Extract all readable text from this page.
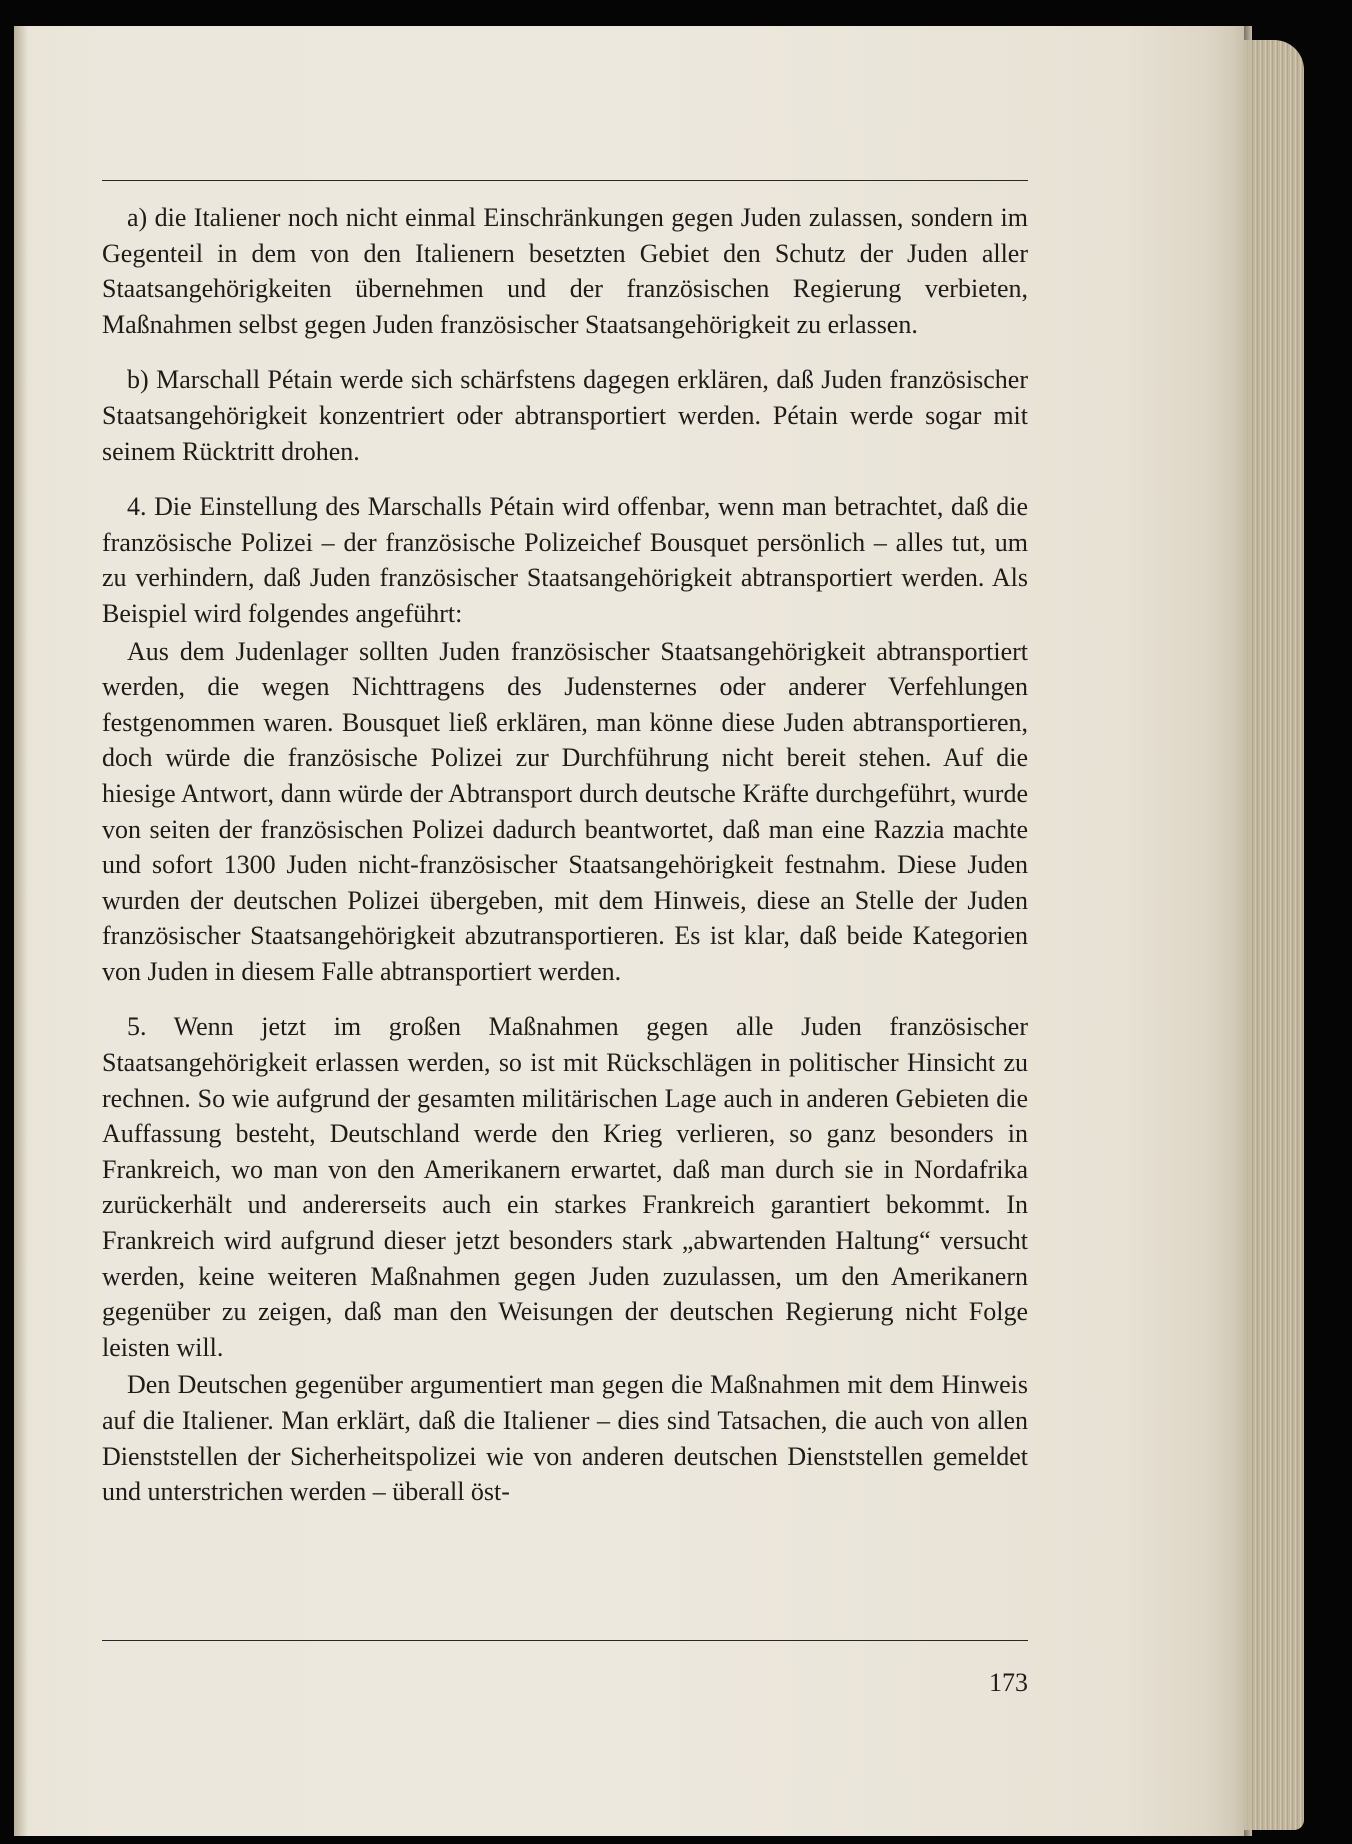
a) die Italiener noch nicht einmal Einschränkungen gegen Juden zulassen, sondern im Gegenteil in dem von den Italienern besetzten Gebiet den Schutz der Juden aller Staatsangehörigkeiten übernehmen und der französischen Regierung verbieten, Maßnahmen selbst gegen Juden französischer Staatsangehörigkeit zu erlassen.

b) Marschall Pétain werde sich schärfstens dagegen erklären, daß Juden französischer Staatsangehörigkeit konzentriert oder abtransportiert werden. Pétain werde sogar mit seinem Rücktritt drohen.

4. Die Einstellung des Marschalls Pétain wird offenbar, wenn man betrachtet, daß die französische Polizei – der französische Polizeichef Bousquet persönlich – alles tut, um zu verhindern, daß Juden französischer Staatsangehörigkeit abtransportiert werden. Als Beispiel wird folgendes angeführt:

Aus dem Judenlager sollten Juden französischer Staatsangehörigkeit abtransportiert werden, die wegen Nichttragens des Judensternes oder anderer Verfehlungen festgenommen waren. Bousquet ließ erklären, man könne diese Juden abtransportieren, doch würde die französische Polizei zur Durchführung nicht bereit stehen. Auf die hiesige Antwort, dann würde der Abtransport durch deutsche Kräfte durchgeführt, wurde von seiten der französischen Polizei dadurch beantwortet, daß man eine Razzia machte und sofort 1300 Juden nicht-französischer Staatsangehörigkeit festnahm. Diese Juden wurden der deutschen Polizei übergeben, mit dem Hinweis, diese an Stelle der Juden französischer Staatsangehörigkeit abzutransportieren. Es ist klar, daß beide Kategorien von Juden in diesem Falle abtransportiert werden.

5. Wenn jetzt im großen Maßnahmen gegen alle Juden französischer Staatsangehörigkeit erlassen werden, so ist mit Rückschlägen in politischer Hinsicht zu rechnen. So wie aufgrund der gesamten militärischen Lage auch in anderen Gebieten die Auffassung besteht, Deutschland werde den Krieg verlieren, so ganz besonders in Frankreich, wo man von den Amerikanern erwartet, daß man durch sie in Nordafrika zurückerhält und andererseits auch ein starkes Frankreich garantiert bekommt. In Frankreich wird aufgrund dieser jetzt besonders stark „abwartenden Haltung“ versucht werden, keine weiteren Maßnahmen gegen Juden zuzulassen, um den Amerikanern gegenüber zu zeigen, daß man den Weisungen der deutschen Regierung nicht Folge leisten will.

Den Deutschen gegenüber argumentiert man gegen die Maßnahmen mit dem Hinweis auf die Italiener. Man erklärt, daß die Italiener – dies sind Tatsachen, die auch von allen Dienststellen der Sicherheitspolizei wie von anderen deutschen Dienststellen gemeldet und unterstrichen werden – überall öst-

173
